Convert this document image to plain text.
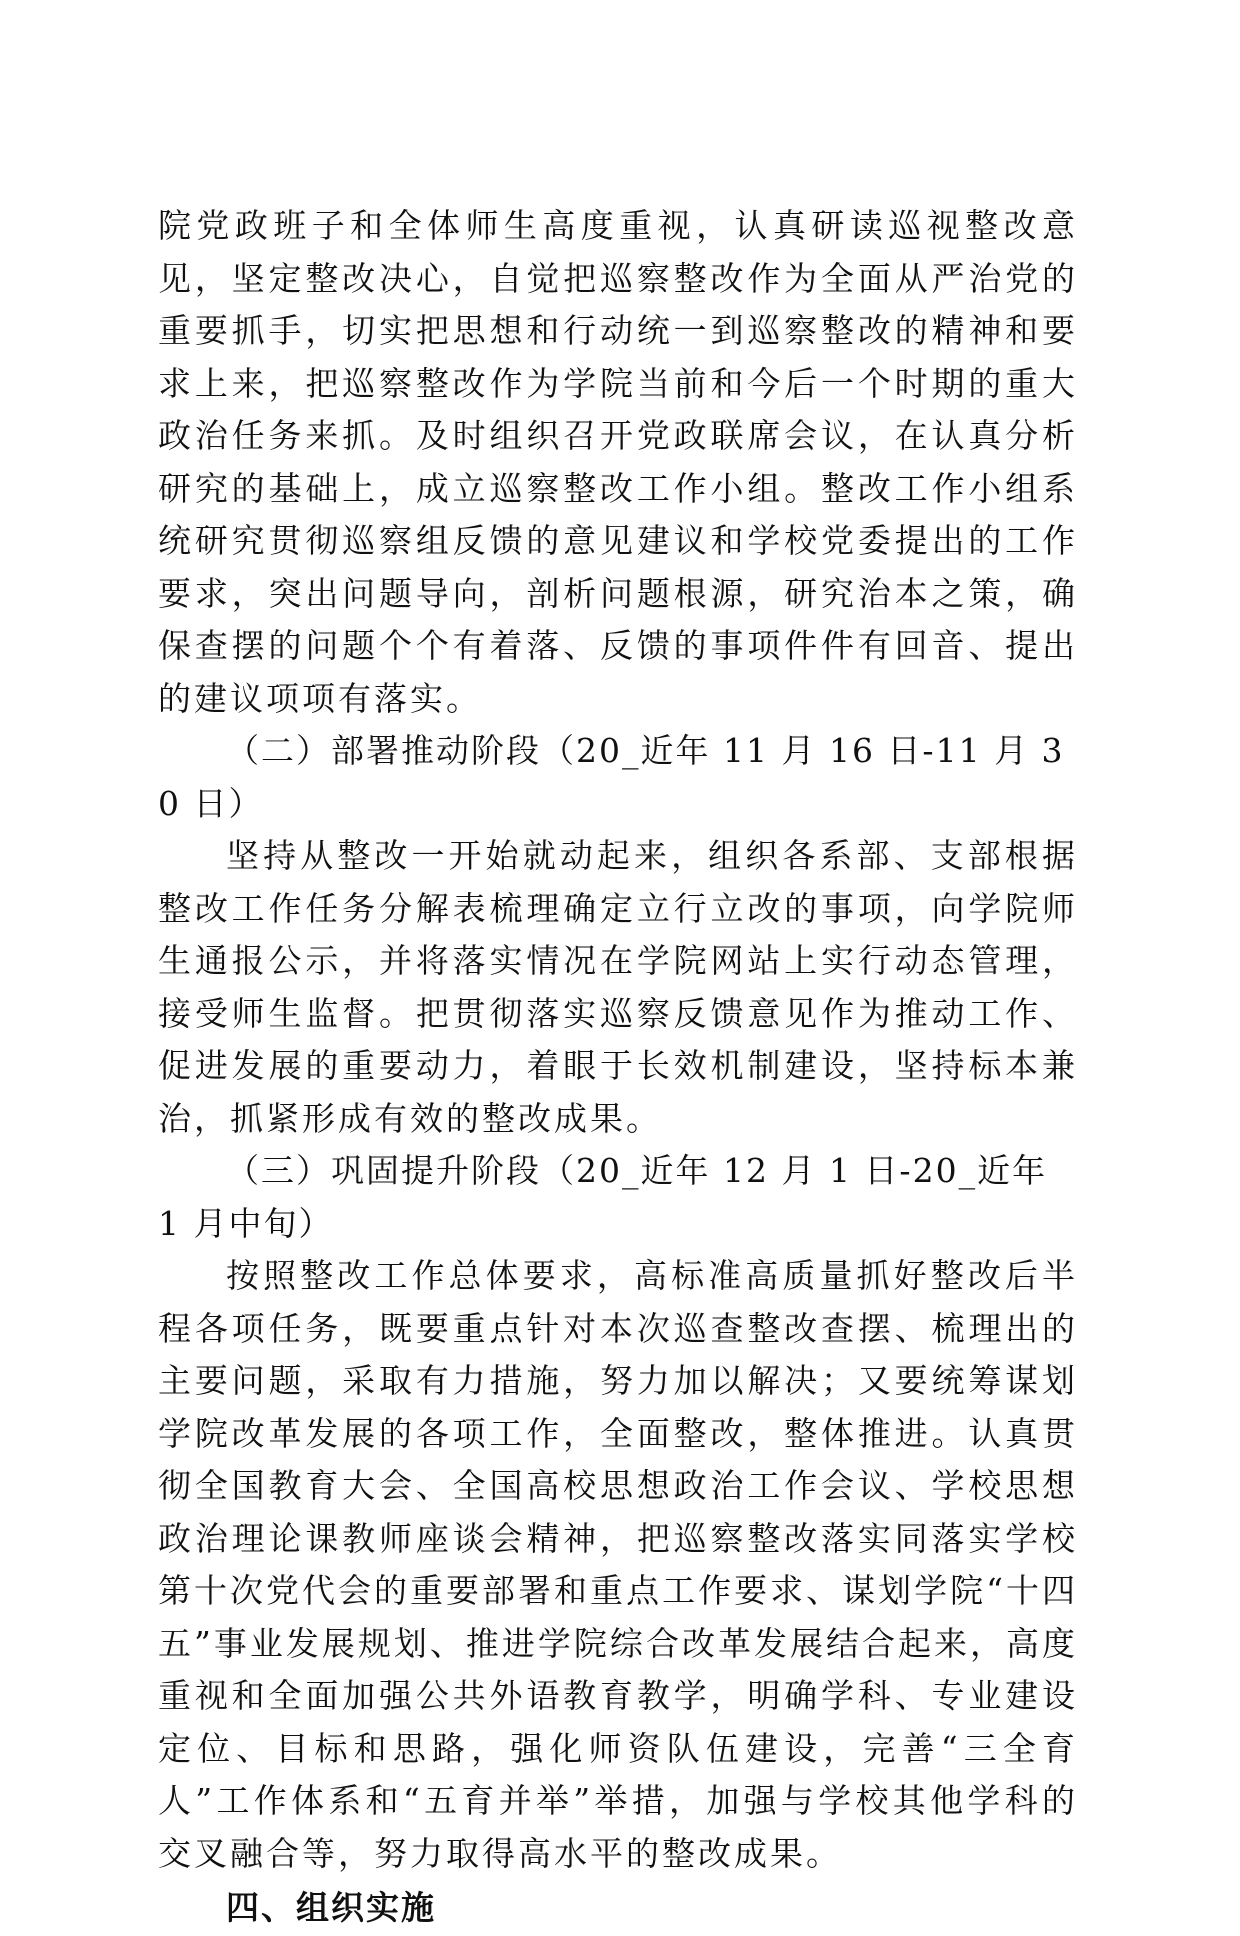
院党政班子和全体师生高度重视，认真研读巡视整改意见，坚定整改决心，自觉把巡察整改作为全面从严治党的重要抓手，切实把思想和行动统一到巡察整改的精神和要求上来，把巡察整改作为学院当前和今后一个时期的重大政治任务来抓。及时组织召开党政联席会议，在认真分析研究的基础上，成立巡察整改工作小组。整改工作小组系统研究贯彻巡察组反馈的意见建议和学校党委提出的工作要求，突出问题导向，剖析问题根源，研究治本之策，确保查摆的问题个个有着落、反馈的事项件件有回音、提出的建议项项有落实。

（二）部署推动阶段（20_近年 11 月 16 日-11 月 30 日）

坚持从整改一开始就动起来，组织各系部、支部根据整改工作任务分解表梳理确定立行立改的事项，向学院师生通报公示，并将落实情况在学院网站上实行动态管理，接受师生监督。把贯彻落实巡察反馈意见作为推动工作、促进发展的重要动力，着眼于长效机制建设，坚持标本兼治，抓紧形成有效的整改成果。

（三）巩固提升阶段（20_近年 12 月 1 日-20_近年 1 月中旬）

按照整改工作总体要求，高标准高质量抓好整改后半程各项任务，既要重点针对本次巡查整改查摆、梳理出的主要问题，采取有力措施，努力加以解决；又要统筹谋划学院改革发展的各项工作，全面整改，整体推进。认真贯彻全国教育大会、全国高校思想政治工作会议、学校思想政治理论课教师座谈会精神，把巡察整改落实同落实学校第十次党代会的重要部署和重点工作要求、谋划学院“十四五”事业发展规划、推进学院综合改革发展结合起来，高度重视和全面加强公共外语教育教学，明确学科、专业建设定位、目标和思路，强化师资队伍建设，完善“三全育人”工作体系和“五育并举”举措，加强与学校其他学科的交叉融合等，努力取得高水平的整改成果。

四、组织实施
